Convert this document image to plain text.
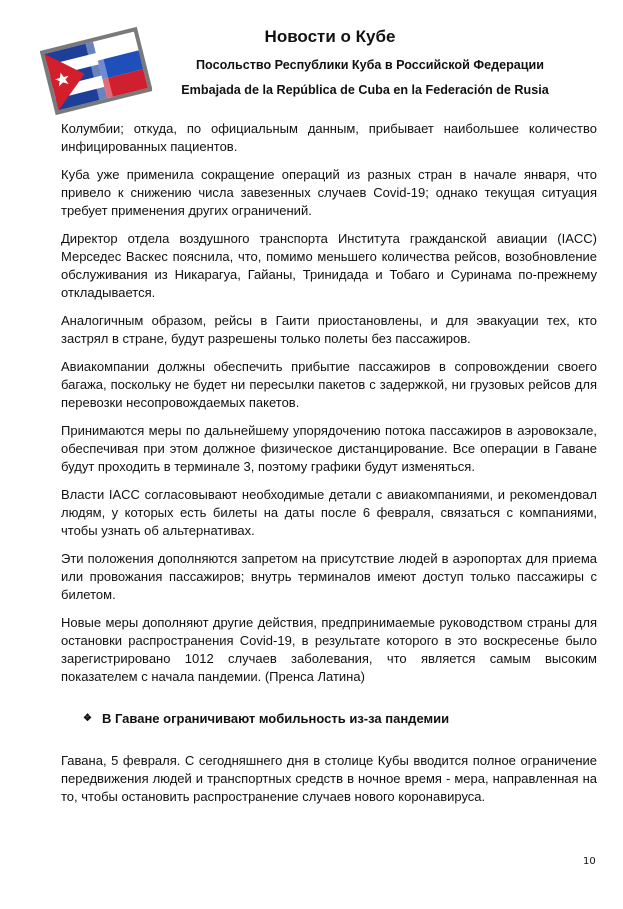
Новости о Кубе
Посольство Республики Куба в Российской Федерации
Embajada de la República de Cuba en la Federación de Rusia

Колумбии; откуда, по официальным данным, прибывает наибольшее количество инфицированных пациентов.

Куба уже применила сокращение операций из разных стран в начале января, что привело к снижению числа завезенных случаев Covid-19; однако текущая ситуация требует применения других ограничений.

Директор отдела воздушного транспорта Института гражданской авиации (IACC) Мерседес Васкес пояснила, что, помимо меньшего количества рейсов, возобновление обслуживания из Никарагуа, Гайаны, Тринидада и Тобаго и Суринама по-прежнему откладывается.

Аналогичным образом, рейсы в Гаити приостановлены, и для эвакуации тех, кто застрял в стране, будут разрешены только полеты без пассажиров.

Авиакомпании должны обеспечить прибытие пассажиров в сопровождении своего багажа, поскольку не будет ни пересылки пакетов с задержкой, ни грузовых рейсов для перевозки несопровождаемых пакетов.

Принимаются меры по дальнейшему упорядочению потока пассажиров в аэровокзале, обеспечивая при этом должное физическое дистанцирование. Все операции в Гаване будут проходить в терминале 3, поэтому графики будут изменяться.

Власти IACC согласовывают необходимые детали с авиакомпаниями, и рекомендовал людям, у которых есть билеты на даты после 6 февраля, связаться с компаниями, чтобы узнать об альтернативах.

Эти положения дополняются запретом на присутствие людей в аэропортах для приема или провожания пассажиров; внутрь терминалов имеют доступ только пассажиры с билетом.

Новые меры дополняют другие действия, предпринимаемые руководством страны для остановки распространения Covid-19, в результате которого в это воскресенье было зарегистрировано 1012 случаев заболевания, что является самым высоким показателем с начала пандемии. (Пренса Латина)

❖ В Гаване ограничивают мобильность из-за пандемии

Гавана, 5 февраля. С сегодняшнего дня в столице Кубы вводится полное ограничение передвижения людей и транспортных средств в ночное время - мера, направленная на то, чтобы остановить распространение случаев нового коронавируса.

10
